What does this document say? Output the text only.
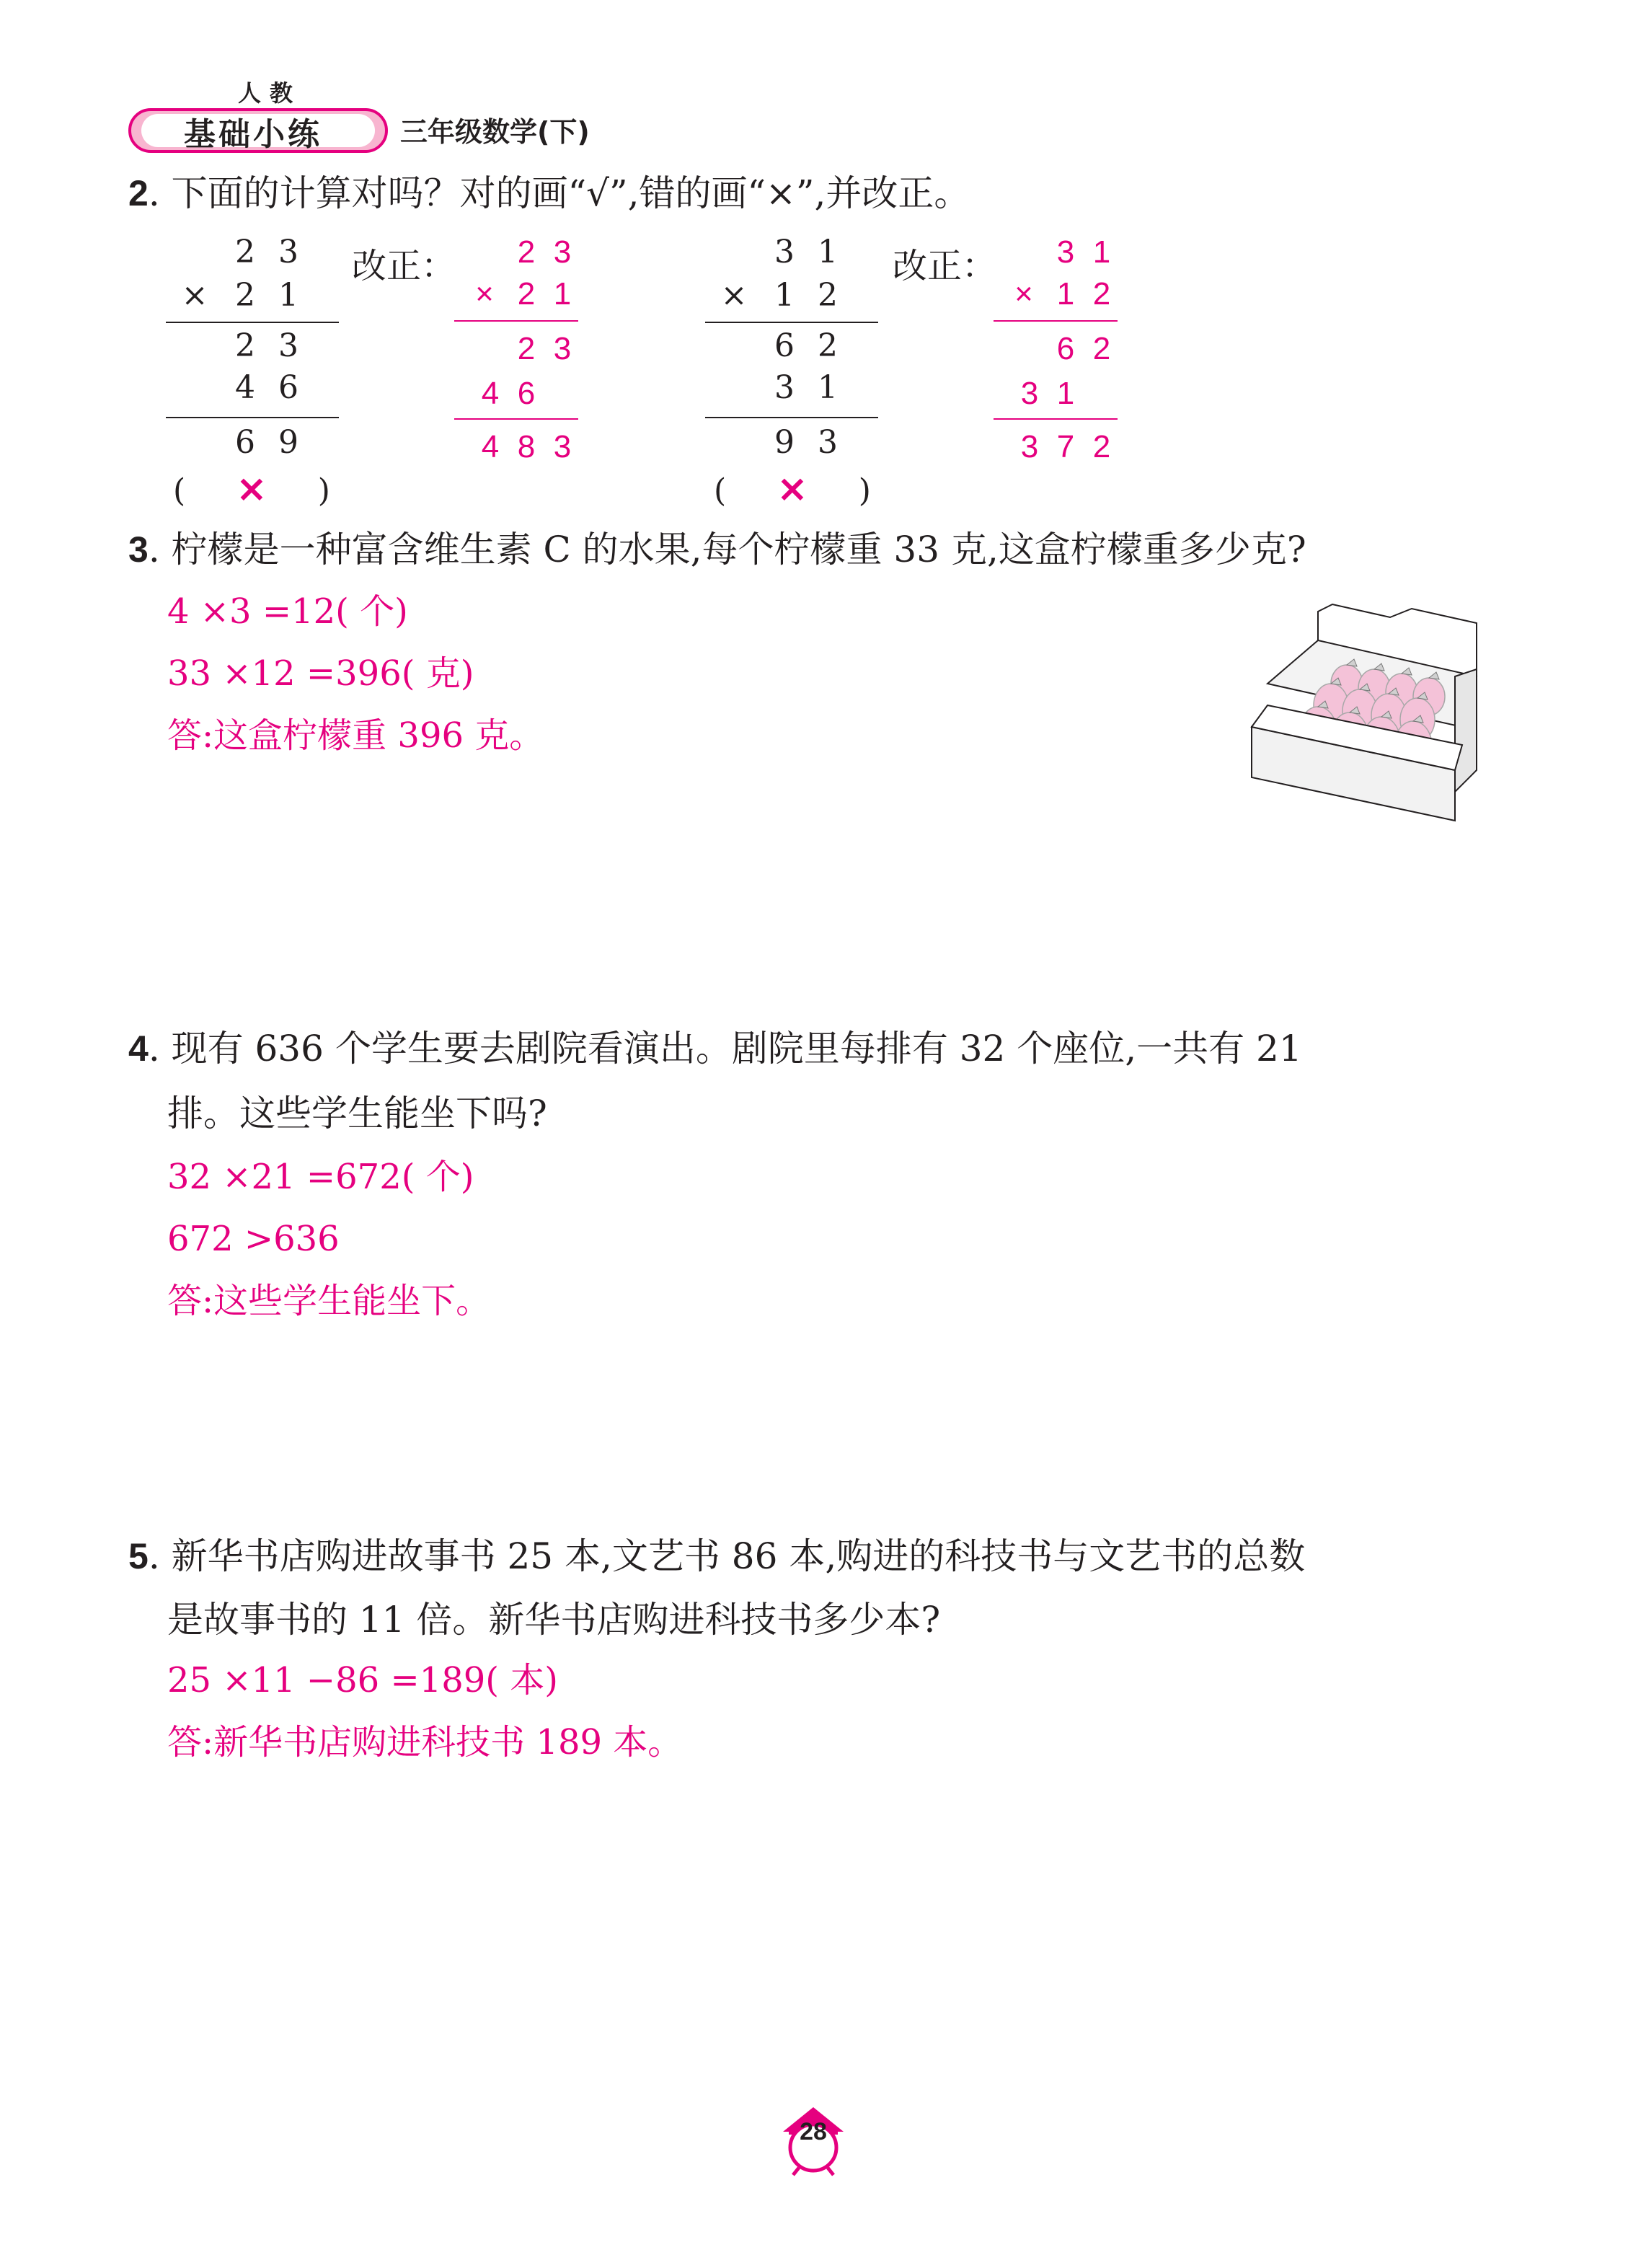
人教
基础小练	三年级数学(下)
2. 下面的计算对吗？对的画“√”,错的画“×”,并改正。
2 3
× 2 1
2 3
4 6
6 9
( × )
改正： 2 3
× 2 1
2 3
4 6
4 8 3
3 1
× 1 2
6 2
3 1
9 3
( × )
改正： 3 1
× 1 2
6 2
3 1
3 7 2
3. 柠檬是一种富含维生素 C 的水果,每个柠檬重 33 克,这盒柠檬重多少克?
4 ×3 =12( 个)
33 ×12 =396( 克)
答:这盒柠檬重 396 克。
4. 现有 636 个学生要去剧院看演出。剧院里每排有 32 个座位,一共有 21
排。这些学生能坐下吗?
32 ×21 =672( 个)
672 >636
答:这些学生能坐下。
5. 新华书店购进故事书 25 本,文艺书 86 本,购进的科技书与文艺书的总数
是故事书的 11 倍。新华书店购进科技书多少本?
25 ×11 −86 =189( 本)
答:新华书店购进科技书 189 本。
28
